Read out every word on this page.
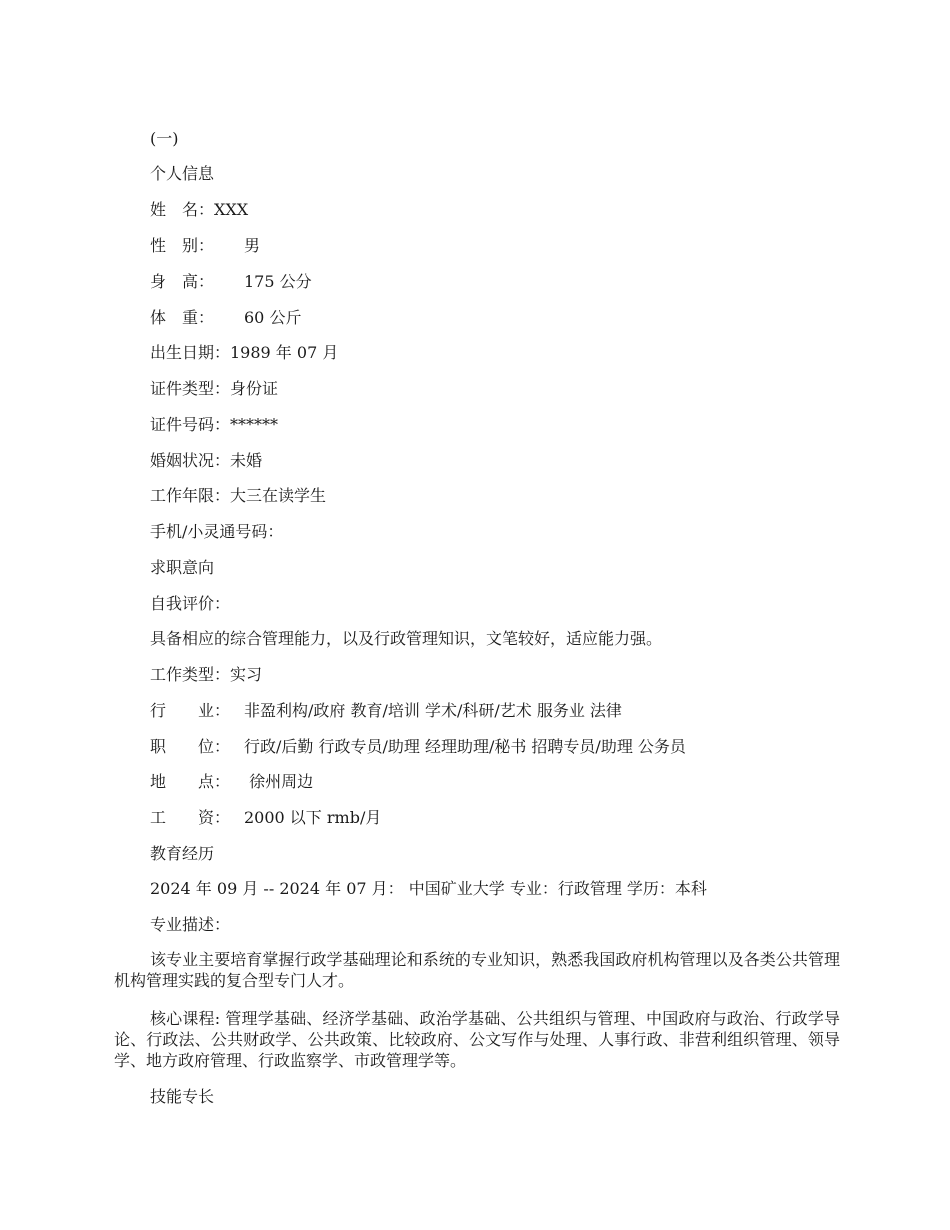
(一)
个人信息
姓　名：XXX
性　别： 男
身　高： 175 公分
体　重： 60 公斤
出生日期：1989 年 07 月
证件类型：身份证
证件号码：******
婚姻状况：未婚
工作年限：大三在读学生
手机/小灵通号码：
求职意向
自我评价：
具备相应的综合管理能力，以及行政管理知识，文笔较好，适应能力强。
工作类型：实习
行　　业： 非盈利构/政府 教育/培训 学术/科研/艺术 服务业 法律
职　　位： 行政/后勤 行政专员/助理 经理助理/秘书 招聘专员/助理 公务员
地　　点： 徐州周边
工　　资： 2000 以下 rmb/月
教育经历
2024 年 09 月 -- 2024 年 07 月： 中国矿业大学 专业：行政管理 学历：本科
专业描述：
该专业主要培育掌握行政学基础理论和系统的专业知识，熟悉我国政府机构管理以及各类公共管理机构管理实践的复合型专门人才。
核心课程: 管理学基础、经济学基础、政治学基础、公共组织与管理、中国政府与政治、行政学导论、行政法、公共财政学、公共政策、比较政府、公文写作与处理、人事行政、非营利组织管理、领导学、地方政府管理、行政监察学、市政管理学等。
技能专长
